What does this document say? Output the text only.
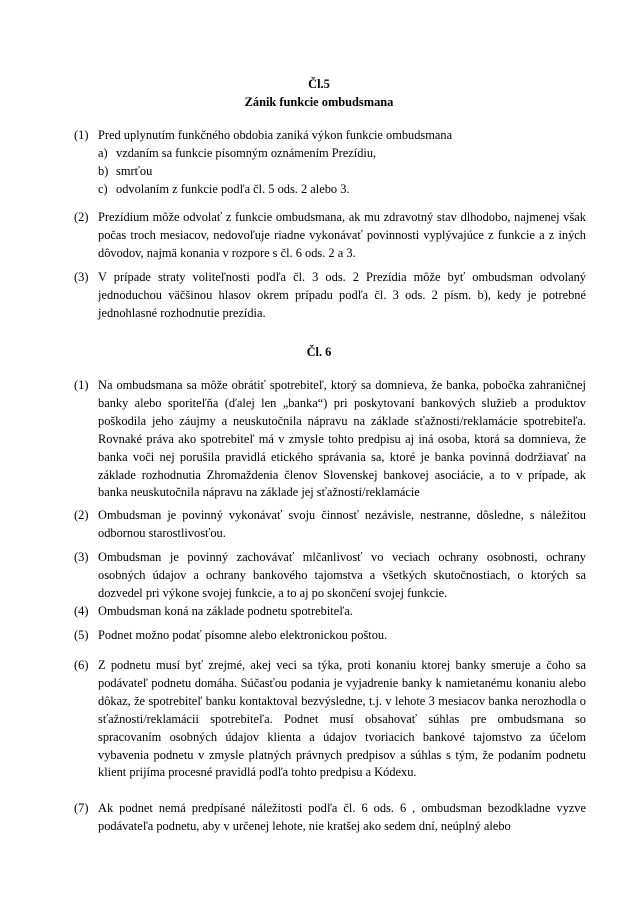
Čl.5

Zánik funkcie ombudsmana

(1) Pred uplynutím funkčného obdobia zaniká výkon funkcie ombudsmana
a) vzdaním sa funkcie písomným oznámením Prezídiu,
b) smrťou
c) odvolaním z funkcie podľa čl. 5 ods. 2 alebo 3.
(2) Prezídium môže odvolať z funkcie ombudsmana, ak mu zdravotný stav dlhodobo, najmenej však počas troch mesiacov, nedovoľuje riadne vykonávať povinnosti vyplývajúce z funkcie a z iných dôvodov, najmä konania v rozpore s čl. 6 ods. 2 a 3.
(3) V prípade straty voliteľnosti podľa čl. 3 ods. 2 Prezídia môže byť ombudsman odvolaný jednoduchou väčšinou hlasov okrem prípadu podľa čl. 3 ods. 2 písm. b), kedy je potrebné jednohlasné rozhodnutie prezídia.

Čl. 6

(1) Na ombudsmana sa môže obrátiť spotrebiteľ, ktorý sa domnieva, že banka, pobočka zahraničnej banky alebo sporiteľňa (ďalej len „banka“) pri poskytovaní bankových služieb a produktov poškodila jeho záujmy a neuskutočnila nápravu na základe sťažnosti/reklamácie spotrebiteľa. Rovnaké práva ako spotrebiteľ má v zmysle tohto predpisu aj iná osoba, ktorá sa domnieva, že banka voči nej porušila pravidlá etického správania sa, ktoré je banka povinná dodržiavať na základe rozhodnutia Zhromaždenia členov Slovenskej bankovej asociácie, a to v prípade, ak banka neuskutočnila nápravu na základe jej sťažnosti/reklamácie
(2) Ombudsman je povinný vykonávať svoju činnosť nezávisle, nestranne, dôsledne, s náležitou odbornou starostlivosťou.
(3) Ombudsman je povinný zachovávať mlčanlivosť vo veciach ochrany osobnosti, ochrany osobných údajov a ochrany bankového tajomstva a všetkých skutočnostiach, o ktorých sa dozvedel pri výkone svojej funkcie, a to aj po skončení svojej funkcie.
(4) Ombudsman koná na základe podnetu spotrebiteľa.
(5) Podnet možno podať písomne alebo elektronickou poštou.
(6) Z podnetu musí byť zrejmé, akej veci sa týka, proti konaniu ktorej banky smeruje a čoho sa podávateľ podnetu domáha. Súčasťou podania je vyjadrenie banky k namietanému konaniu alebo dôkaz, že spotrebiteľ banku kontaktoval bezvýsledne, t.j. v lehote 3 mesiacov banka nerozhodla o sťažnosti/reklamácii spotrebiteľa. Podnet musí obsahovať súhlas pre ombudsmana so spracovaním osobných údajov klienta a údajov tvoriacich bankové tajomstvo za účelom vybavenia podnetu v zmysle platných právnych predpisov a súhlas s tým, že podaním podnetu klient prijíma procesné pravidlá podľa tohto predpisu a Kódexu.
(7) Ak podnet nemá predpísané náležitosti podľa čl. 6 ods. 6 , ombudsman bezodkladne vyzve podávateľa podnetu, aby v určenej lehote, nie kratšej ako sedem dní, neúplný alebo
